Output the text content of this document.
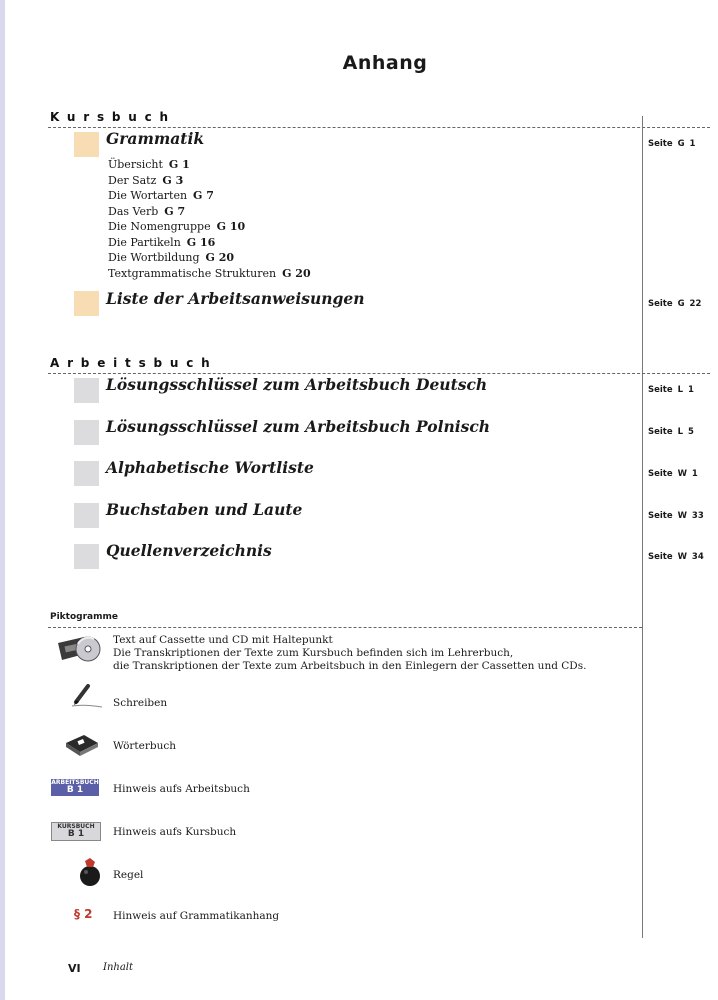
Anhang
Kursbuch
Grammatik	Seite G 1
Übersicht G 1
Der Satz G 3
Die Wortarten G 7
Das Verb G 7
Die Nomengruppe G 10
Die Partikeln G 16
Die Wortbildung G 20
Textgrammatische Strukturen G 20
Liste der Arbeitsanweisungen	Seite G 22
Arbeitsbuch
Lösungsschlüssel zum Arbeitsbuch Deutsch	Seite L 1
Lösungsschlüssel zum Arbeitsbuch Polnisch	Seite L 5
Alphabetische Wortliste	Seite W 1
Buchstaben und Laute	Seite W 33
Quellenverzeichnis	Seite W 34
Piktogramme
Text auf Cassette und CD mit Haltepunkt
Die Transkriptionen der Texte zum Kursbuch befinden sich im Lehrerbuch,
die Transkriptionen der Texte zum Arbeitsbuch in den Einlegern der Cassetten und CDs.
Schreiben
Wörterbuch
ARBEITSBUCH
B 1	Hinweis aufs Arbeitsbuch
KURSBUCH
B 1	Hinweis aufs Kursbuch
Regel
§ 2 Hinweis auf Grammatikanhang
VI Inhalt
